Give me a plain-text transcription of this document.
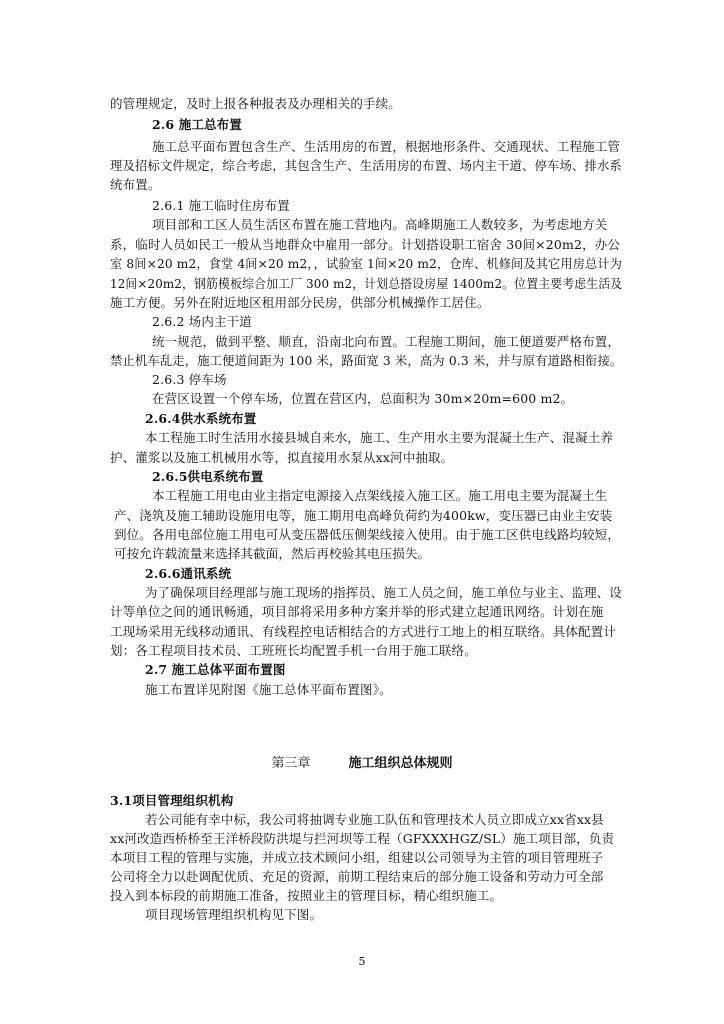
的管理规定，及时上报各种报表及办理相关的手续。
2.6 施工总布置
施工总平面布置包含生产、生活用房的布置，根据地形条件、交通现状、工程施工管
理及招标文件规定，综合考虑，其包含生产、生活用房的布置、场内主干道、停车场、排水系
统布置。
2.6.1 施工临时住房布置
项目部和工区人员生活区布置在施工营地内。高峰期施工人数较多，为考虑地方关
系，临时人员如民工一般从当地群众中雇用一部分。计划搭设职工宿舍 30间×20m2，办公
室 8间×20 m2，食堂 4间×20 m2，，试验室 1间×20 m2，仓库、机修间及其它用房总计为
12间×20m2，钢筋模板综合加工厂 300 m2，计划总搭设房屋 1400m2。位置主要考虑生活及
施工方便。另外在附近地区租用部分民房，供部分机械操作工居住。
2.6.2 场内主干道
统一规范，做到平整、顺直，沿南北向布置。工程施工期间，施工便道要严格布置，
禁止机车乱走，施工便道间距为 100 米，路面宽 3 米，高为 0.3 米，并与原有道路相衔接。
2.6.3 停车场
在营区设置一个停车场，位置在营区内，总面积为 30m×20m=600 m2。
2.6.4供水系统布置
本工程施工时生活用水接县城自来水，施工、生产用水主要为混凝土生产、混凝土养
护、灌浆以及施工机械用水等，拟直接用水泵从xx河中抽取。
2.6.5供电系统布置
本工程施工用电由业主指定电源接入点架线接入施工区。施工用电主要为混凝土生
产、浇筑及施工辅助设施用电等，施工期用电高峰负荷约为400kw，变压器已由业主安装
到位。各用电部位施工用电可从变压器低压侧架线接入使用。由于施工区供电线路均较短，
可按允许载流量来选择其截面，然后再校验其电压损失。
2.6.6通讯系统
为了确保项目经理部与施工现场的指挥员、施工人员之间，施工单位与业主、监理、设
计等单位之间的通讯畅通，项目部将采用多种方案并举的形式建立起通讯网络。计划在施
工现场采用无线移动通讯、有线程控电话相结合的方式进行工地上的相互联络。具体配置计
划：各工程项目技术员、工班班长均配置手机一台用于施工联络。
2.7 施工总体平面布置图
施工布置详见附图《施工总体平面布置图》。
第三章	施工组织总体规则
3.1项目管理组织机构
若公司能有幸中标，我公司将抽调专业施工队伍和管理技术人员立即成立xx省xx县
xx河改造西桥桥至王洋桥段防洪堤与拦河坝等工程（GFXXXHGZ/SL）施工项目部，负责
本项目工程的管理与实施，并成立技术顾问小组，组建以公司领导为主管的项目管理班子
公司将全力以赴调配优质、充足的资源，前期工程结束后的部分施工设备和劳动力可全部
投入到本标段的前期施工准备，按照业主的管理目标，精心组织施工。
项目现场管理组织机构见下图。
5
